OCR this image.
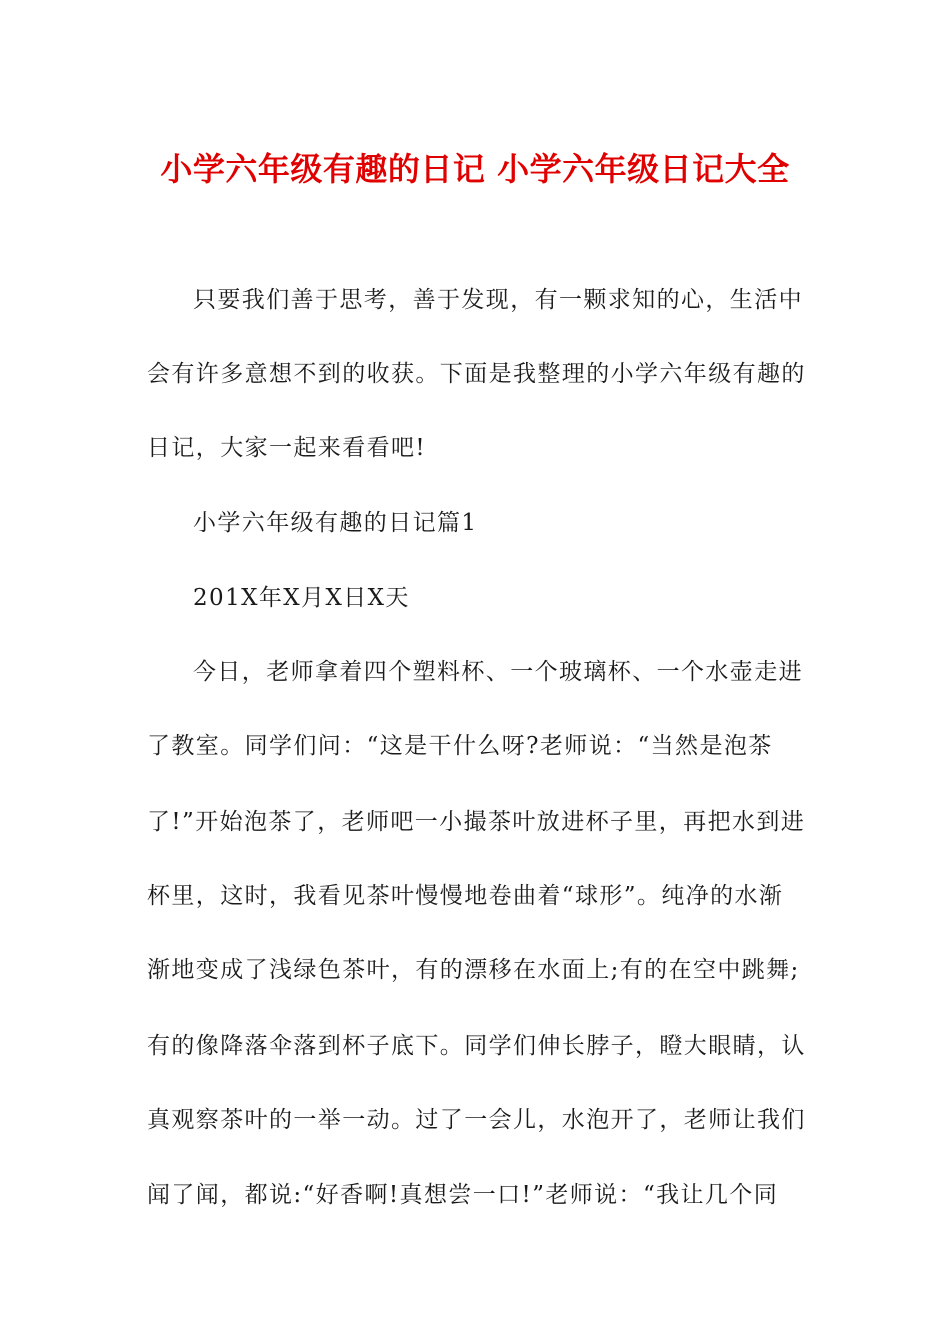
小学六年级有趣的日记 小学六年级日记大全
只要我们善于思考，善于发现，有一颗求知的心，生活中
会有许多意想不到的收获。下面是我整理的小学六年级有趣的
日记，大家一起来看看吧!
小学六年级有趣的日记篇1
201X年X月X日X天
今日，老师拿着四个塑料杯、一个玻璃杯、一个水壶走进
了教室。同学们问：“这是干什么呀?老师说：“当然是泡茶
了!”开始泡茶了，老师吧一小撮茶叶放进杯子里，再把水到进
杯里，这时，我看见茶叶慢慢地卷曲着“球形”。纯净的水渐
渐地变成了浅绿色茶叶，有的漂移在水面上;有的在空中跳舞;
有的像降落伞落到杯子底下。同学们伸长脖子，瞪大眼睛，认
真观察茶叶的一举一动。过了一会儿，水泡开了，老师让我们
闻了闻，都说:“好香啊!真想尝一口!”老师说：“我让几个同
